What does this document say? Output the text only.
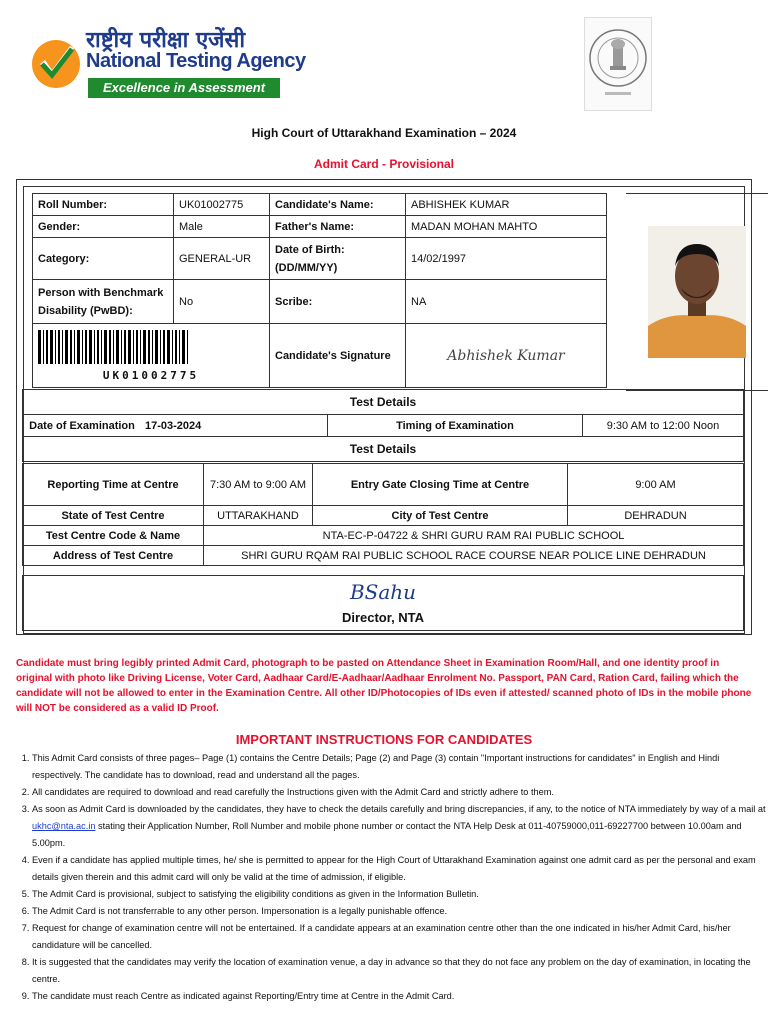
राष्ट्रीय परीक्षा एजेंसी
National Testing Agency
Excellence in Assessment
High Court of Uttarakhand Examination – 2024
Admit Card - Provisional
Roll Number:	UK01002775	Candidate's Name:	ABHISHEK KUMAR
Gender:	Male	Father's Name:	MADAN MOHAN MAHTO
Category:	GENERAL-UR	Date of Birth: (DD/MM/YY)	14/02/1997
Person with Benchmark Disability (PwBD):	No	Scribe:	NA

UK01002775		Candidate's Signature	Abhishek Kumar
Test Details
Date of Examination	17-03-2024	Timing of Examination	9:30 AM to 12:00 Noon
Test Details
Reporting Time at Centre	7:30 AM to 9:00 AM	Entry Gate Closing Time at Centre	9:00 AM
State of Test Centre	UTTARAKHAND	City of Test Centre	DEHRADUN
Test Centre Code & Name	NTA-EC-P-04722 & SHRI GURU RAM RAI PUBLIC SCHOOL		
Address of Test Centre	SHRI GURU RQAM RAI PUBLIC SCHOOL RACE COURSE NEAR POLICE LINE DEHRADUN		
BSahu
Director, NTA
Candidate must bring legibly printed Admit Card, photograph to be pasted on Attendance Sheet in Examination Room/Hall, and one identity proof in original with photo like Driving License, Voter Card, Aadhaar Card/E-Aadhaar/Aadhaar Enrolment No. Passport, PAN Card, Ration Card, failing which the candidate will not be allowed to enter in the Examination Centre. All other ID/Photocopies of IDs even if attested/ scanned photo of IDs in the mobile phone will NOT be considered as a valid ID Proof.
IMPORTANT INSTRUCTIONS FOR CANDIDATES
1. This Admit Card consists of three pages– Page (1) contains the Centre Details; Page (2) and Page (3) contain "Important instructions for candidates" in English and Hindi respectively. The candidate has to download, read and understand all the pages.
2. All candidates are required to download and read carefully the Instructions given with the Admit Card and strictly adhere to them.
3. As soon as Admit Card is downloaded by the candidates, they have to check the details carefully and bring discrepancies, if any, to the notice of NTA immediately by way of a mail at ukhc@nta.ac.in stating their Application Number, Roll Number and mobile phone number or contact the NTA Help Desk at 011-40759000,011-69227700 between 10.00am and 5.00pm.
4. Even if a candidate has applied multiple times, he/ she is permitted to appear for the High Court of Uttarakhand Examination against one admit card as per the personal and exam details given therein and this admit card will only be valid at the time of admission, if eligible.
5. The Admit Card is provisional, subject to satisfying the eligibility conditions as given in the Information Bulletin.
6. The Admit Card is not transferrable to any other person. Impersonation is a legally punishable offence.
7. Request for change of examination centre will not be entertained. If a candidate appears at an examination centre other than the one indicated in his/her Admit Card, his/her candidature will be cancelled.
8. It is suggested that the candidates may verify the location of examination venue, a day in advance so that they do not face any problem on the day of examination, in locating the centre.
9. The candidate must reach Centre as indicated against Reporting/Entry time at Centre in the Admit Card.
